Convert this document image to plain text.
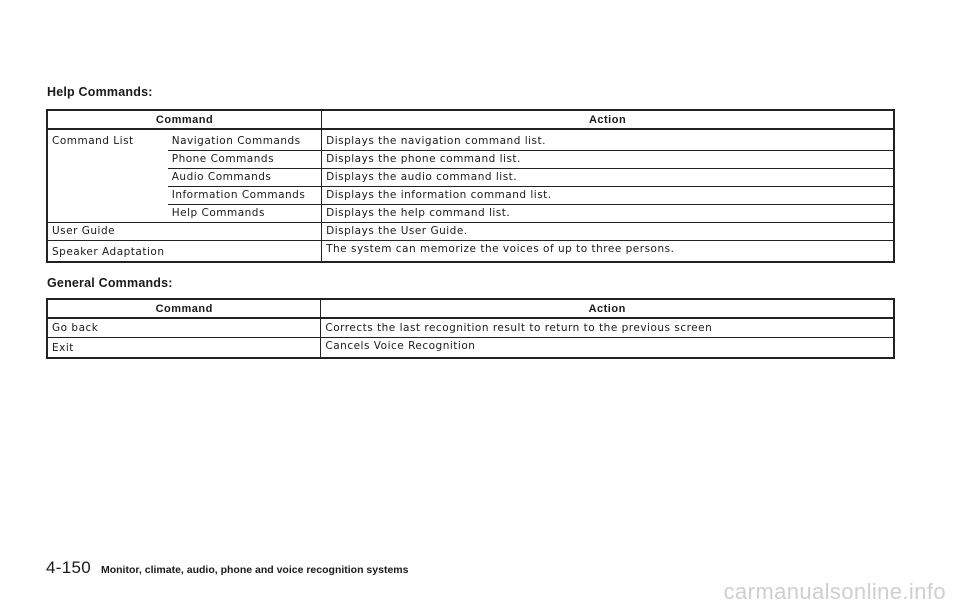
Help Commands:
Command		Action
Command List	Navigation Commands	Displays the navigation command list.
	Phone Commands	Displays the phone command list.
	Audio Commands	Displays the audio command list.
	Information Commands	Displays the information command list.
	Help Commands	Displays the help command list.
User Guide		Displays the User Guide.
Speaker Adaptation		The system can memorize the voices of up to three persons.
General Commands:
Command	Action
Go back	Corrects the last recognition result to return to the previous screen
Exit	Cancels Voice Recognition
4-150 Monitor, climate, audio, phone and voice recognition systems
carmanualsonline.info
